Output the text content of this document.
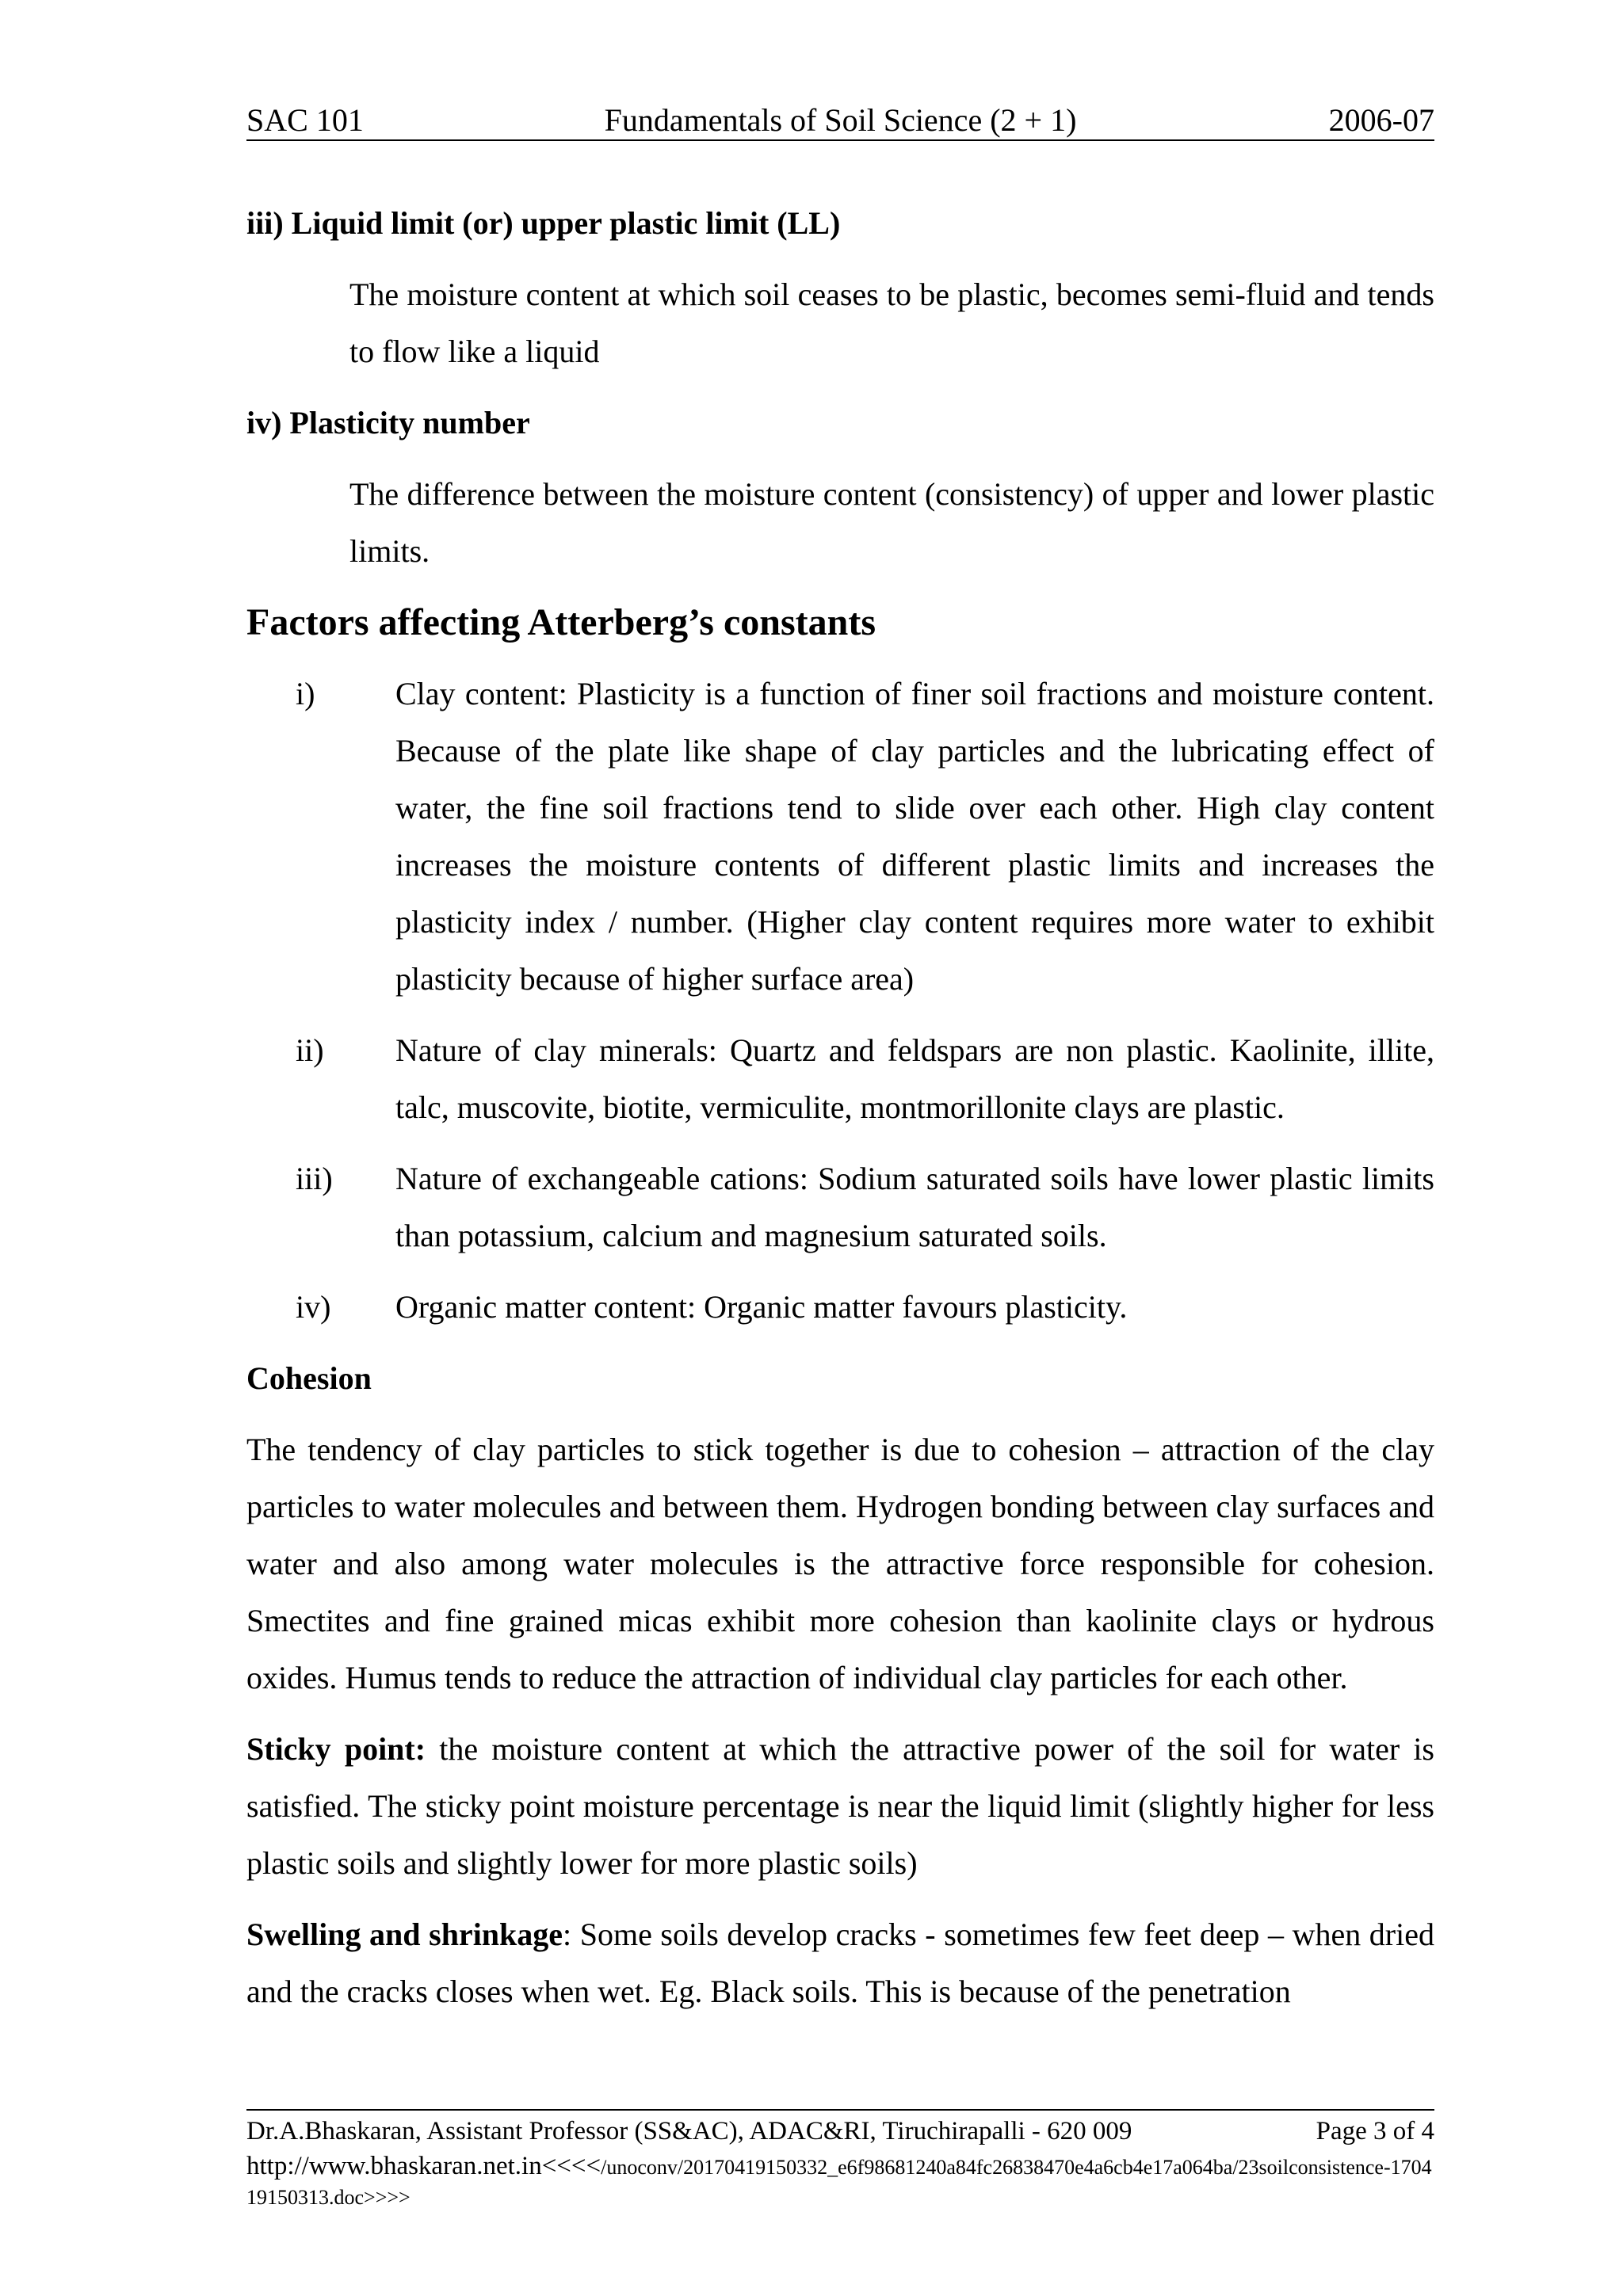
SAC 101	Fundamentals of Soil Science (2 + 1)	2006-07
iii) Liquid limit (or) upper plastic limit (LL)
The moisture content at which soil ceases to be plastic, becomes semi-fluid and tends to flow like a liquid
iv) Plasticity number
The difference between the moisture content (consistency) of upper and lower plastic limits.
Factors affecting Atterberg’s constants
i)	Clay content: Plasticity is a function of finer soil fractions and moisture content. Because of the plate like shape of clay particles and the lubricating effect of water, the fine soil fractions tend to slide over each other. High clay content increases the moisture contents of different plastic limits and increases the plasticity index / number. (Higher clay content requires more water to exhibit plasticity because of higher surface area)
ii) Nature of clay minerals: Quartz and feldspars are non plastic. Kaolinite, illite, talc, muscovite, biotite, vermiculite, montmorillonite clays are plastic.
iii) Nature of exchangeable cations: Sodium saturated soils have lower plastic limits than potassium, calcium and magnesium saturated soils.
iv) Organic matter content: Organic matter favours plasticity.
Cohesion
The tendency of clay particles to stick together is due to cohesion – attraction of the clay particles to water molecules and between them. Hydrogen bonding between clay surfaces and water and also among water molecules is the attractive force responsible for cohesion. Smectites and fine grained micas exhibit more cohesion than kaolinite clays or hydrous oxides. Humus tends to reduce the attraction of individual clay particles for each other.
Sticky point: the moisture content at which the attractive power of the soil for water is satisfied. The sticky point moisture percentage is near the liquid limit (slightly higher for less plastic soils and slightly lower for more plastic soils)
Swelling and shrinkage: Some soils develop cracks - sometimes few feet deep – when dried and the cracks closes when wet. Eg. Black soils. This is because of the penetration
Dr.A.Bhaskaran, Assistant Professor (SS&AC), ADAC&RI, Tiruchirapalli - 620 009	Page 3 of 4
http://www.bhaskaran.net.in<<<</unoconv/20170419150332_e6f98681240a84fc26838470e4a6cb4e17a064ba/23soilconsistence-170419150313.doc>>>>
